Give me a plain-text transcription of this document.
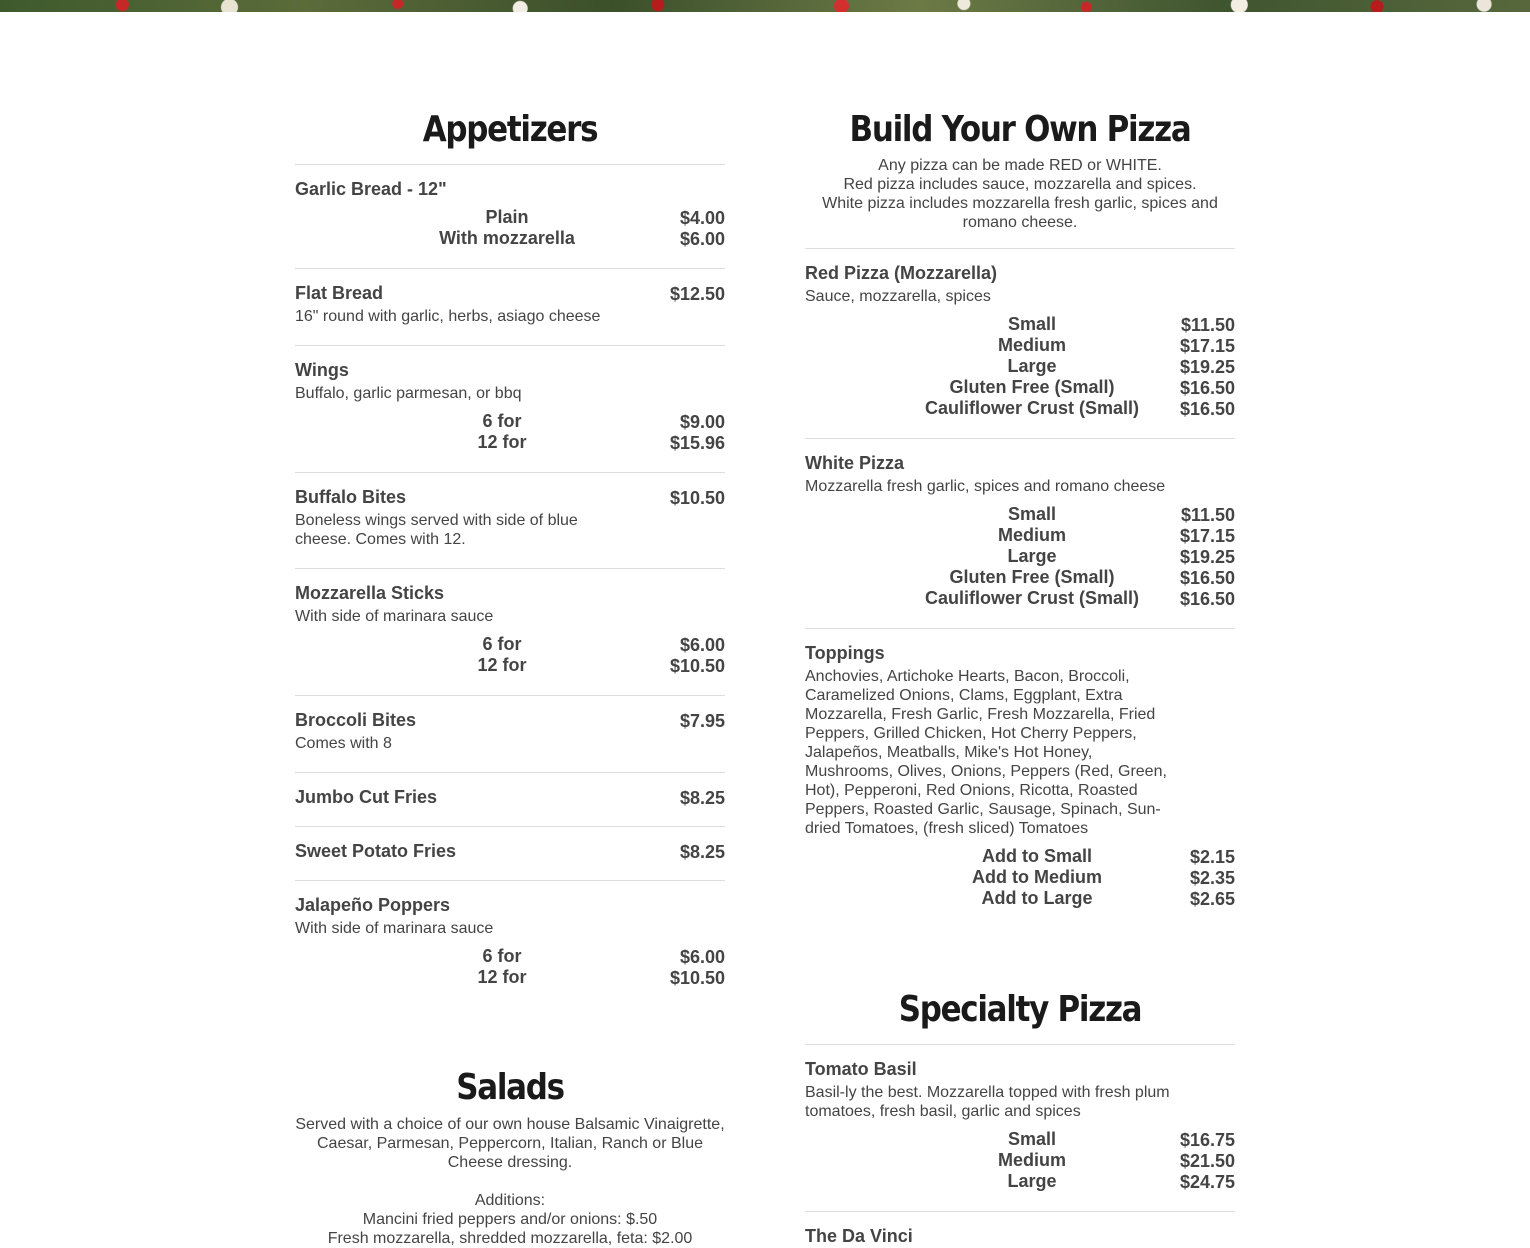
Appetizers
Garlic Bread - 12"
Plain	$4.00
With mozzarella	$6.00
Flat Bread	$12.50
16" round with garlic, herbs, asiago cheese
Wings
Buffalo, garlic parmesan, or bbq
6 for	$9.00
12 for	$15.96
Buffalo Bites	$10.50
Boneless wings served with side of blue cheese. Comes with 12.
Mozzarella Sticks
With side of marinara sauce
6 for	$6.00
12 for	$10.50
Broccoli Bites	$7.95
Comes with 8
Jumbo Cut Fries	$8.25
Sweet Potato Fries	$8.25
Jalapeño Poppers
With side of marinara sauce
6 for	$6.00
12 for	$10.50
Salads

Served with a choice of our own house Balsamic Vinaigrette, Caesar, Parmesan, Peppercorn, Italian, Ranch or Blue Cheese dressing.

Additions:

Mancini fried peppers and/or onions: $.50

Fresh mozzarella, shredded mozzarella, feta: $2.00

Build Your Own Pizza

Any pizza can be made RED or WHITE.

Red pizza includes sauce, mozzarella and spices.

White pizza includes mozzarella fresh garlic, spices and romano cheese.

Red Pizza (Mozzarella)
Sauce, mozzarella, spices
Small	$11.50
Medium	$17.15
Large	$19.25
Gluten Free (Small)	$16.50
Cauliflower Crust (Small) $16.50
White Pizza
Mozzarella fresh garlic, spices and romano cheese
Small	$11.50
Medium	$17.15
Large	$19.25
Gluten Free (Small)	$16.50
Cauliflower Crust (Small) $16.50
Toppings
Anchovies, Artichoke Hearts, Bacon, Broccoli, Caramelized Onions, Clams, Eggplant, Extra Mozzarella, Fresh Garlic, Fresh Mozzarella, Fried Peppers, Grilled Chicken, Hot Cherry Peppers, Jalapeños, Meatballs, Mike's Hot Honey, Mushrooms, Olives, Onions, Peppers (Red, Green, Hot), Pepperoni, Red Onions, Ricotta, Roasted Peppers, Roasted Garlic, Sausage, Spinach, Sun-dried Tomatoes, (fresh sliced) Tomatoes
Add to Small	$2.15
Add to Medium	$2.35
Add to Large	$2.65
Specialty Pizza
Tomato Basil
Basil-ly the best. Mozzarella topped with fresh plum tomatoes, fresh basil, garlic and spices
Small	$16.75
Medium	$21.50
Large	$24.75
The Da Vinci
